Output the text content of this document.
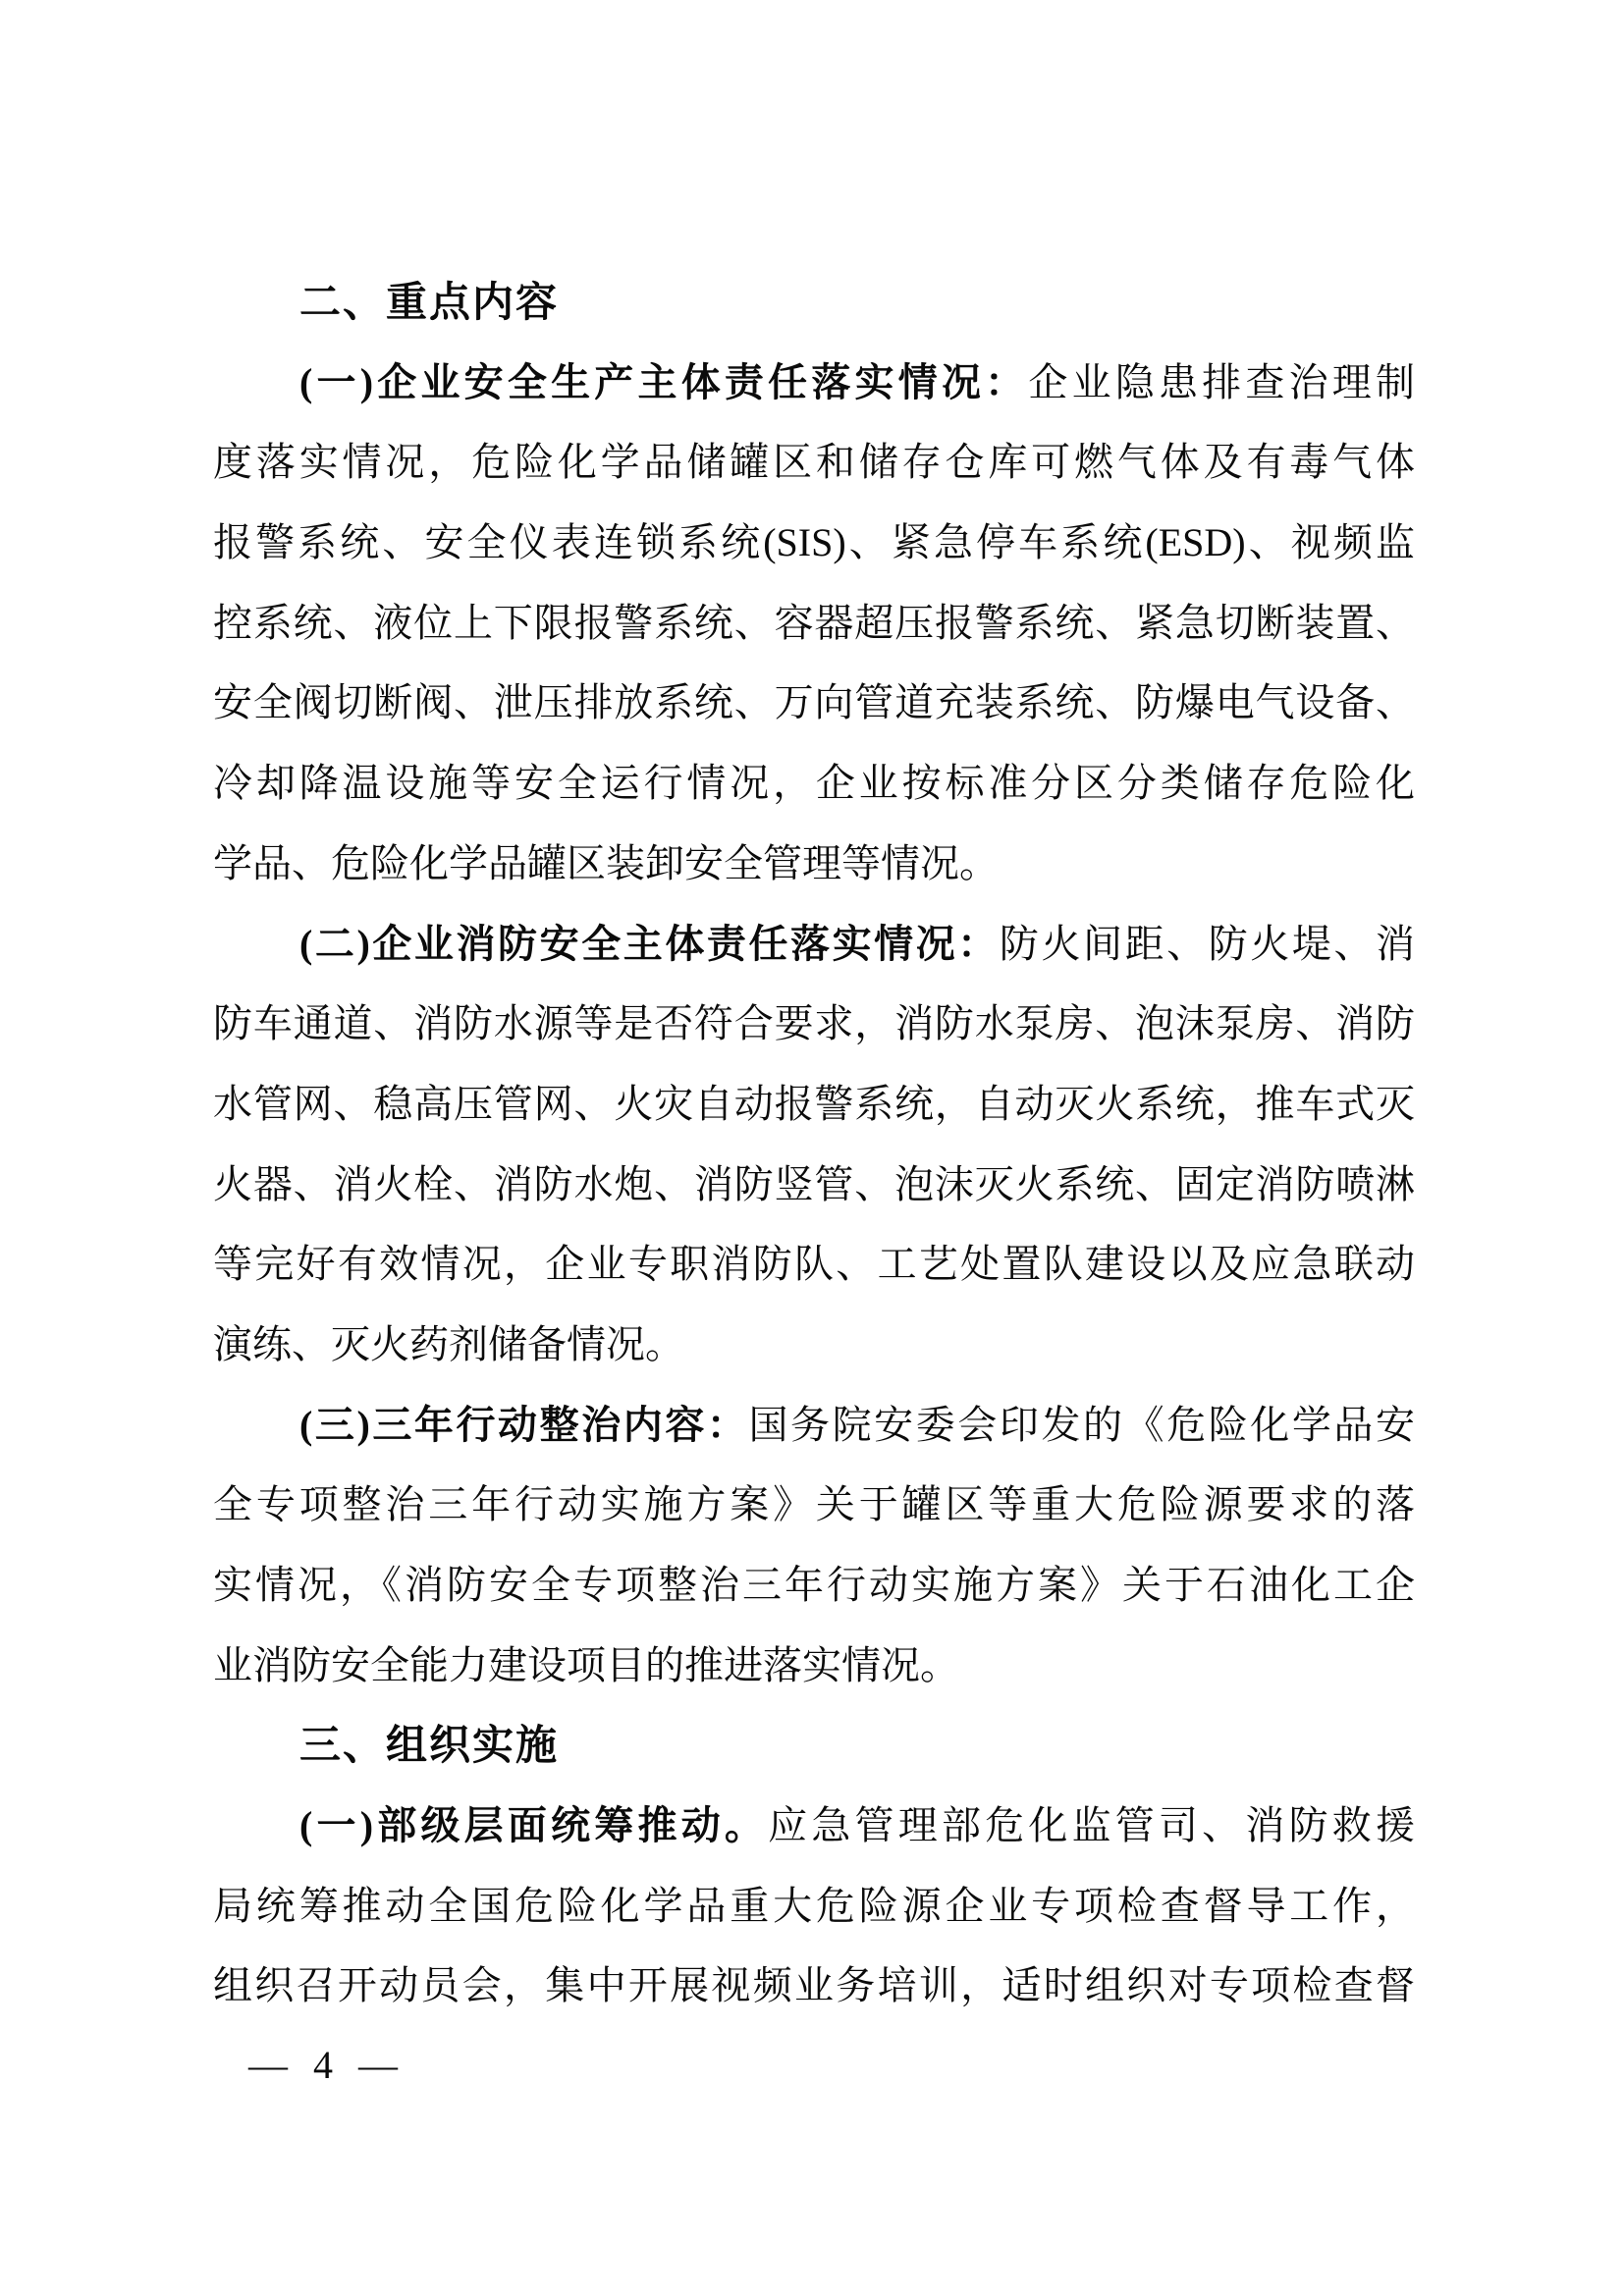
二、重点内容
(一)企业安全生产主体责任落实情况：企业隐患排查治理制
度落实情况，危险化学品储罐区和储存仓库可燃气体及有毒气体
报警系统、安全仪表连锁系统(SIS)、紧急停车系统(ESD)、视频监
控系统、液位上下限报警系统、容器超压报警系统、紧急切断装置、
安全阀切断阀、泄压排放系统、万向管道充装系统、防爆电气设备、
冷却降温设施等安全运行情况，企业按标准分区分类储存危险化
学品、危险化学品罐区装卸安全管理等情况。
(二)企业消防安全主体责任落实情况：防火间距、防火堤、消
防车通道、消防水源等是否符合要求，消防水泵房、泡沫泵房、消防
水管网、稳高压管网、火灾自动报警系统，自动灭火系统，推车式灭
火器、消火栓、消防水炮、消防竖管、泡沫灭火系统、固定消防喷淋
等完好有效情况，企业专职消防队、工艺处置队建设以及应急联动
演练、灭火药剂储备情况。
(三)三年行动整治内容：国务院安委会印发的《危险化学品安
全专项整治三年行动实施方案》关于罐区等重大危险源要求的落
实情况，《消防安全专项整治三年行动实施方案》关于石油化工企
业消防安全能力建设项目的推进落实情况。
三、组织实施
(一)部级层面统筹推动。应急管理部危化监管司、消防救援
局统筹推动全国危险化学品重大危险源企业专项检查督导工作，
组织召开动员会，集中开展视频业务培训，适时组织对专项检查督
— 4 —
